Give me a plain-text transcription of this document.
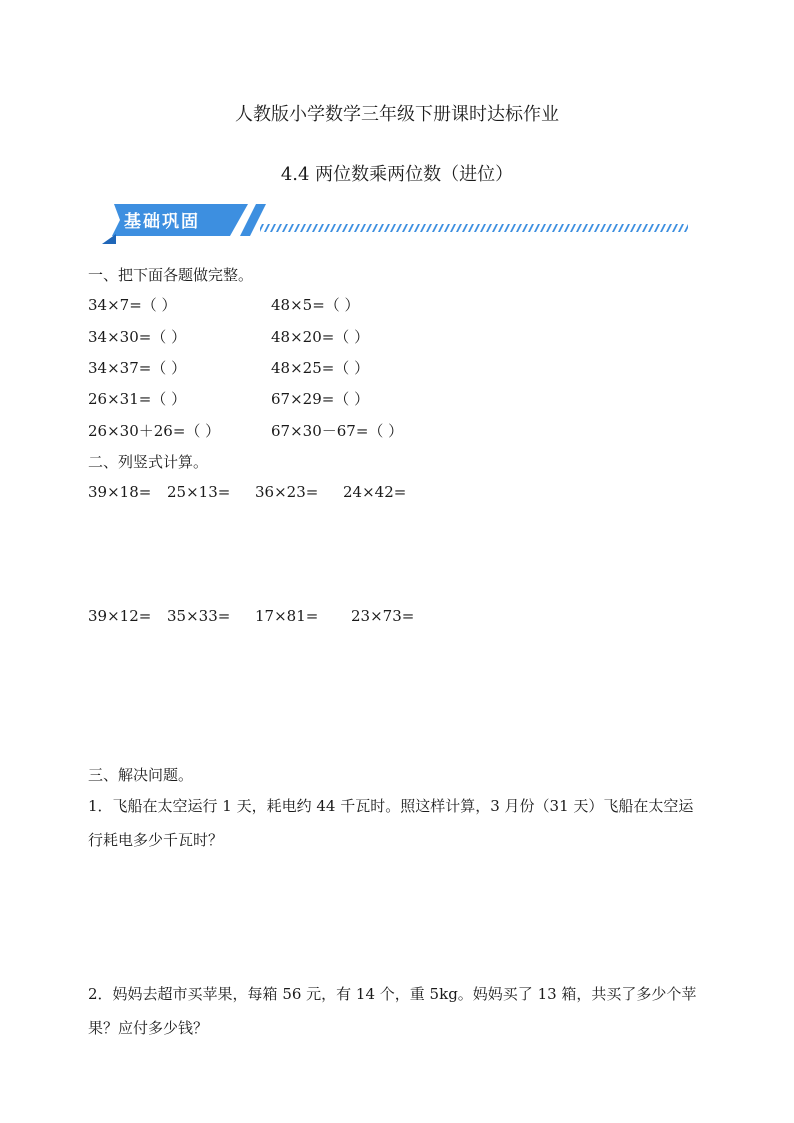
人教版小学数学三年级下册课时达标作业
4.4 两位数乘两位数（进位）
基础巩固
一、把下面各题做完整。
34×7=（ ）
34×30=（ ）
34×37=（ ）
26×31=（ ）
26×30＋26=（ ）
48×5=（ ）
48×20=（ ）
48×25=（ ）
67×29=（ ）
67×30－67=（ ）
二、列竖式计算。
39×18= 25×13= 36×23= 24×42=
39×12= 35×33= 17×81= 23×73=
三、解决问题。
1．飞船在太空运行 1 天，耗电约 44 千瓦时。照这样计算，3 月份（31 天）飞船在太空运
行耗电多少千瓦时？
2．妈妈去超市买苹果，每箱 56 元，有 14 个，重 5kg。妈妈买了 13 箱，共买了多少个苹
果？应付多少钱？
